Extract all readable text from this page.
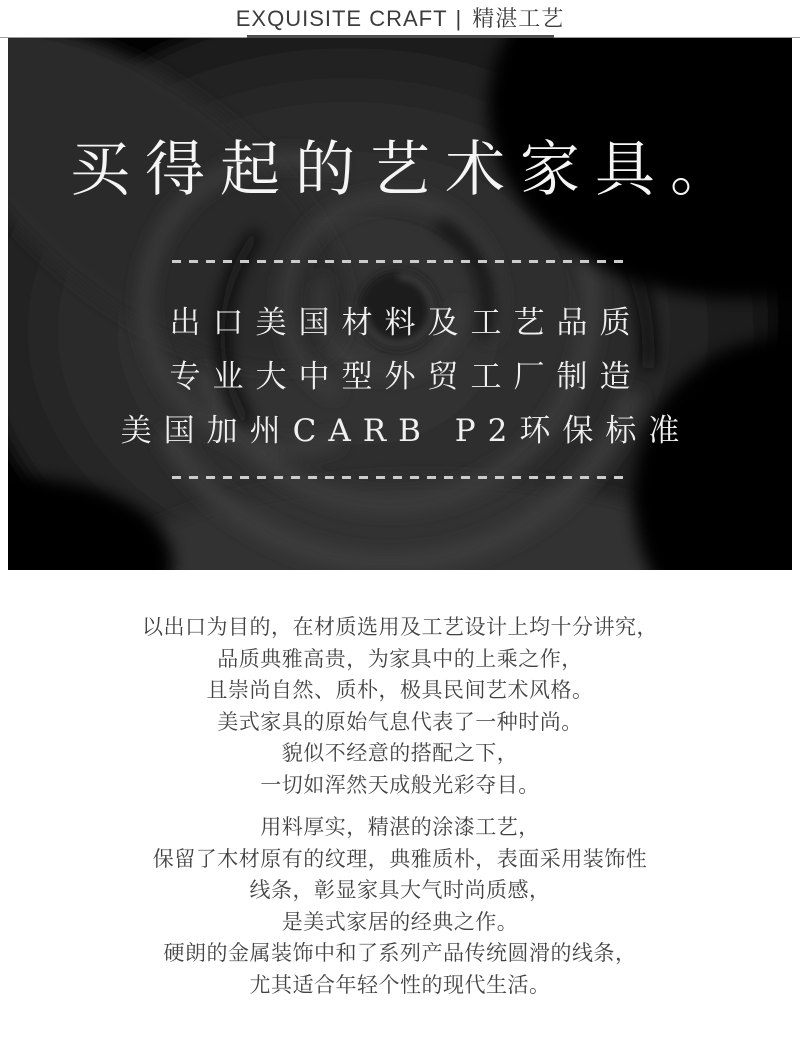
EXQUISITE CRAFT | 精湛工艺
买得起的艺术家具。

出口美国材料及工艺品质

专业大中型外贸工厂制造

美国加州CARB P2环保标准

以出口为目的，在材质选用及工艺设计上均十分讲究，

品质典雅高贵，为家具中的上乘之作，

且崇尚自然、质朴，极具民间艺术风格。

美式家具的原始气息代表了一种时尚。

貌似不经意的搭配之下，

一切如浑然天成般光彩夺目。

用料厚实，精湛的涂漆工艺，

保留了木材原有的纹理，典雅质朴，表面采用装饰性

线条，彰显家具大气时尚质感，

是美式家居的经典之作。

硬朗的金属装饰中和了系列产品传统圆滑的线条，

尤其适合年轻个性的现代生活。
